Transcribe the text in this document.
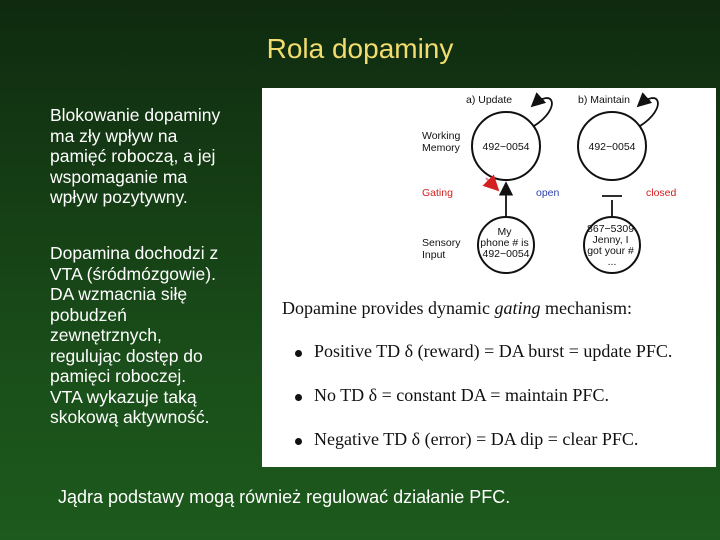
Rola dopaminy
Blokowanie dopaminy
ma zły wpływ na
pamięć roboczą, a jej
wspomaganie ma
wpływ pozytywny.
Dopamina dochodzi z
VTA (śródmózgowie).
DA wzmacnia siłę
pobudzeń
zewnętrznych,
regulując dostęp do
pamięci roboczej.
VTA wykazuje taką
skokową aktywność.
a) Update	b) Maintain
Working Memory	492−0054	492−0054
Gating	open	closed
Sensory Input
My phone # is 492−0054
867−5309 Jenny, I got your # ...
Dopamine provides dynamic gating mechanism:
Positive TD δ (reward) = DA burst = update PFC.
No TD δ = constant DA = maintain PFC.
Negative TD δ (error) = DA dip = clear PFC.
Jądra podstawy mogą również regulować działanie PFC.
